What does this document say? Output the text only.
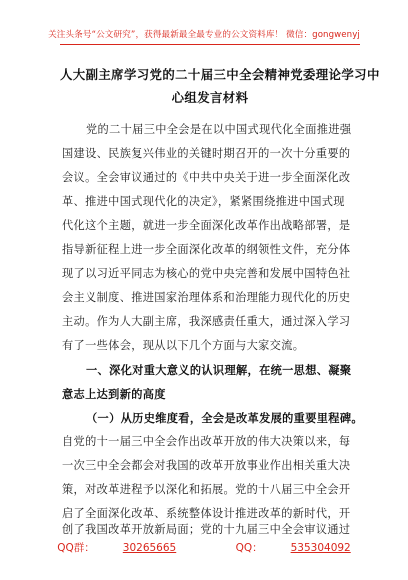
关注头条号“公文研究”，获得最新最全最专业的公文资料库！ 微信：gongwenyj
人大副主席学习党的二十届三中全会精神党委理论学习中
心组发言材料
党的二十届三中全会是在以中国式现代化全面推进强
国建设、民族复兴伟业的关键时期召开的一次十分重要的
会议。全会审议通过的《中共中央关于进一步全面深化改
革、推进中国式现代化的决定》，紧紧围绕推进中国式现
代化这个主题，就进一步全面深化改革作出战略部署，是
指导新征程上进一步全面深化改革的纲领性文件，充分体
现了以习近平同志为核心的党中央完善和发展中国特色社
会主义制度、推进国家治理体系和治理能力现代化的历史
主动。作为人大副主席，我深感责任重大，通过深入学习
有了一些体会，现从以下几个方面与大家交流。
一、深化对重大意义的认识理解，在统一思想、凝聚
意志上达到新的高度
（一）从历史维度看，全会是改革发展的重要里程碑。
自党的十一届三中全会作出改革开放的伟大决策以来，每
一次三中全会都会对我国的改革开放事业作出相关重大决
策，对改革进程予以深化和拓展。党的十八届三中全会开
启了全面深化改革、系统整体设计推进改革的新时代，开
创了我国改革开放新局面；党的十九届三中全会审议通过
QQ群：	30265665	QQ：	535304092
